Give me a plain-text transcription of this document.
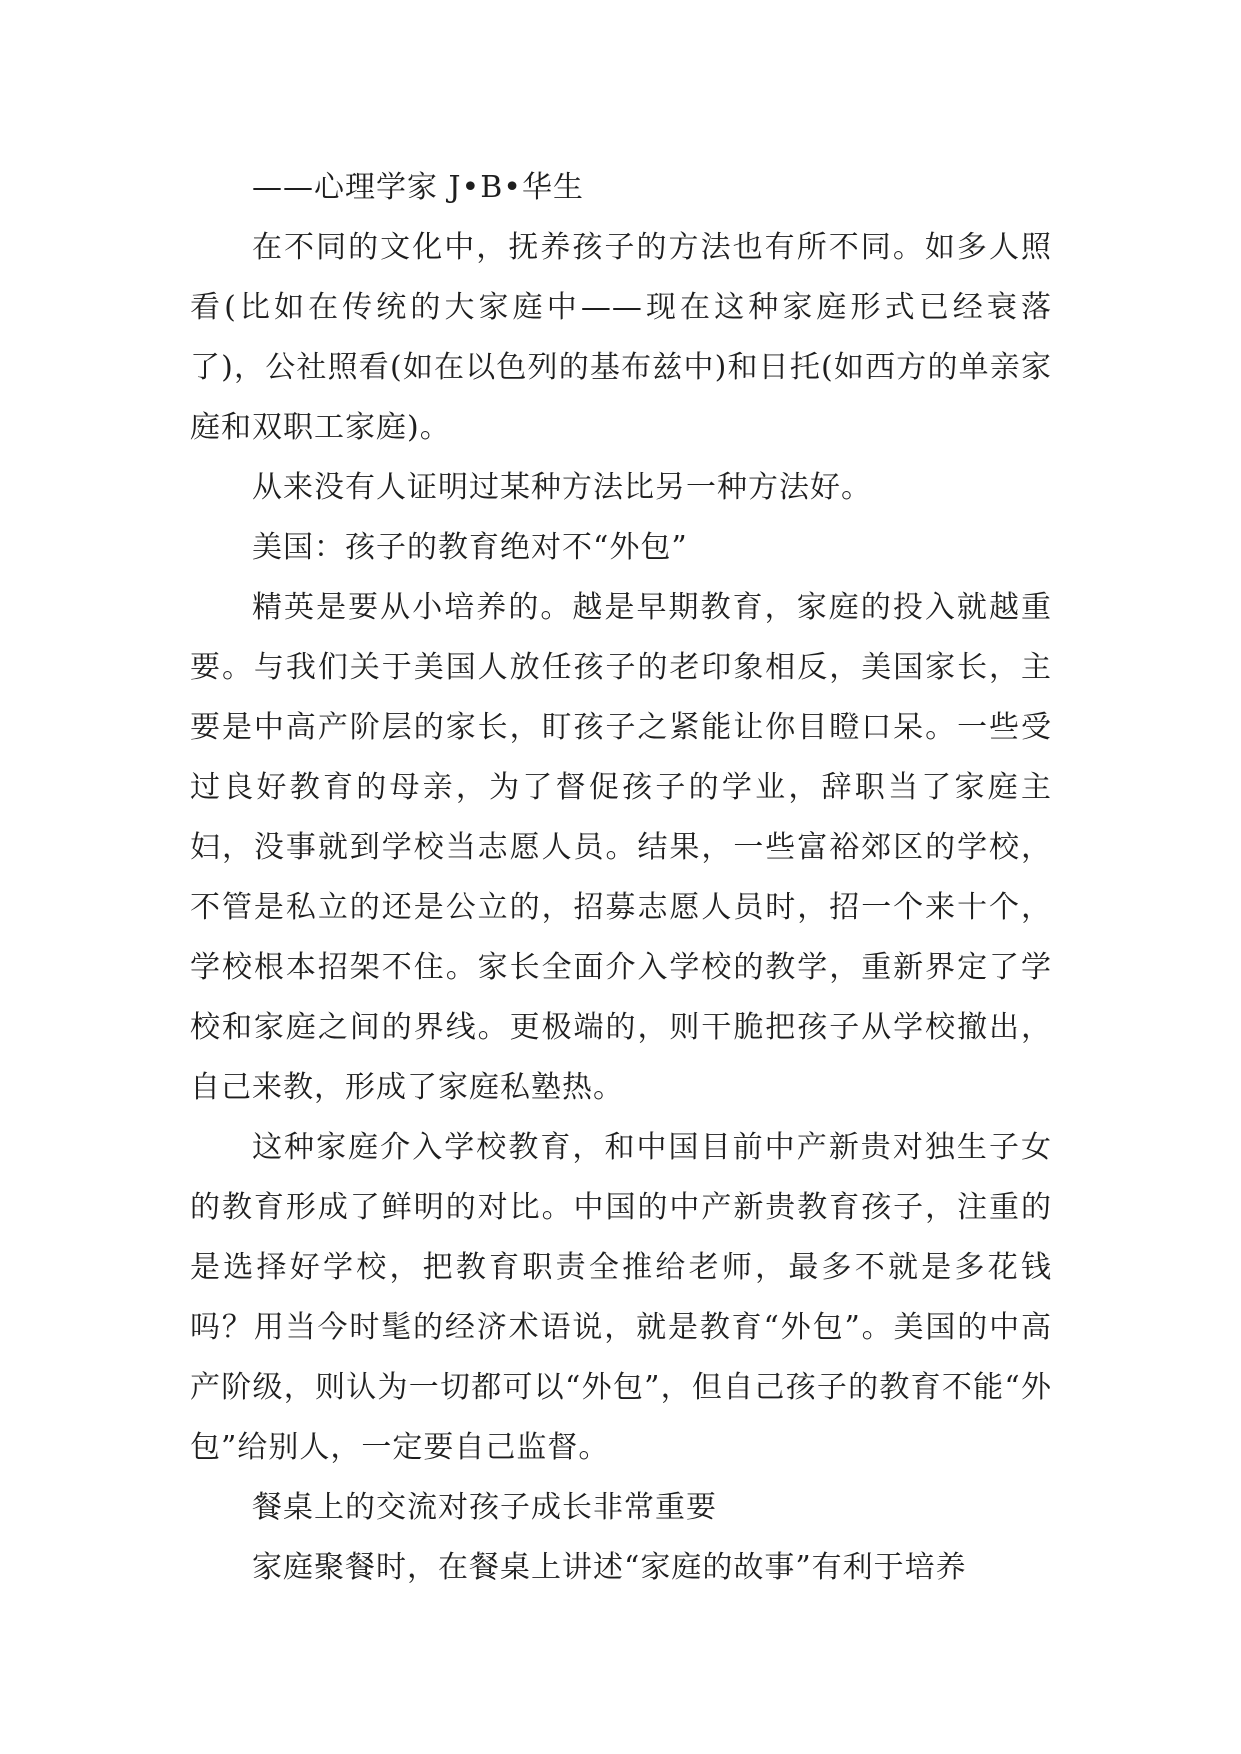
——心理学家 J•B•华生

在不同的文化中，抚养孩子的方法也有所不同。如多人照看(比如在传统的大家庭中——现在这种家庭形式已经衰落了)，公社照看(如在以色列的基布兹中)和日托(如西方的单亲家庭和双职工家庭)。

从来没有人证明过某种方法比另一种方法好。

美国：孩子的教育绝对不“外包”

精英是要从小培养的。越是早期教育，家庭的投入就越重要。与我们关于美国人放任孩子的老印象相反，美国家长，主要是中高产阶层的家长，盯孩子之紧能让你目瞪口呆。一些受过良好教育的母亲，为了督促孩子的学业，辞职当了家庭主妇，没事就到学校当志愿人员。结果，一些富裕郊区的学校，不管是私立的还是公立的，招募志愿人员时，招一个来十个，学校根本招架不住。家长全面介入学校的教学，重新界定了学校和家庭之间的界线。更极端的，则干脆把孩子从学校撤出，自己来教，形成了家庭私塾热。

这种家庭介入学校教育，和中国目前中产新贵对独生子女的教育形成了鲜明的对比。中国的中产新贵教育孩子，注重的是选择好学校，把教育职责全推给老师，最多不就是多花钱吗？用当今时髦的经济术语说，就是教育“外包”。美国的中高产阶级，则认为一切都可以“外包”，但自己孩子的教育不能“外包”给别人，一定要自己监督。

餐桌上的交流对孩子成长非常重要

家庭聚餐时，在餐桌上讲述“家庭的故事”有利于培养
